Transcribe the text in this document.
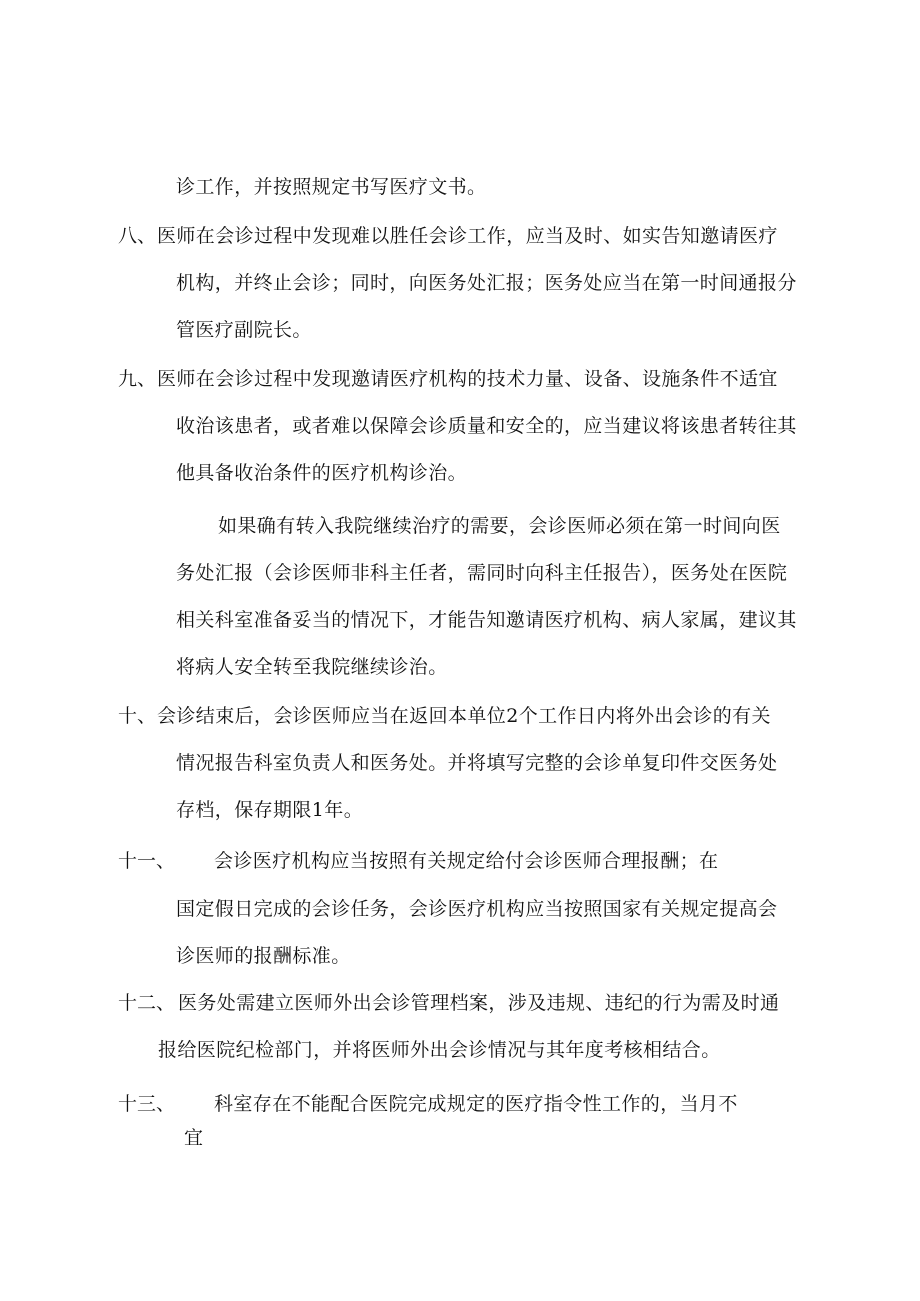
诊工作，并按照规定书写医疗文书。
八、 医师在会诊过程中发现难以胜任会诊工作，应当及时、如实告知邀请医疗
机构，并终止会诊；同时，向医务处汇报；医务处应当在第一时间通报分
管医疗副院长。
九、 医师在会诊过程中发现邀请医疗机构的技术力量、设备、设施条件不适宜
收治该患者，或者难以保障会诊质量和安全的，应当建议将该患者转往其
他具备收治条件的医疗机构诊治。
如果确有转入我院继续治疗的需要，会诊医师必须在第一时间向医
务处汇报（会诊医师非科主任者，需同时向科主任报告），医务处在医院
相关科室准备妥当的情况下，才能告知邀请医疗机构、病人家属，建议其
将病人安全转至我院继续诊治。
十、 会诊结束后，会诊医师应当在返回本单位2个工作日内将外出会诊的有关
情况报告科室负责人和医务处。并将填写完整的会诊单复印件交医务处
存档，保存期限1年。
十一、 会诊医疗机构应当按照有关规定给付会诊医师合理报酬；在
国定假日完成的会诊任务，会诊医疗机构应当按照国家有关规定提高会
诊医师的报酬标准。
十二、 医务处需建立医师外出会诊管理档案，涉及违规、违纪的行为需及时通
报给医院纪检部门，并将医师外出会诊情况与其年度考核相结合。
十三、 科室存在不能配合医院完成规定的医疗指令性工作的，当月不
宜
